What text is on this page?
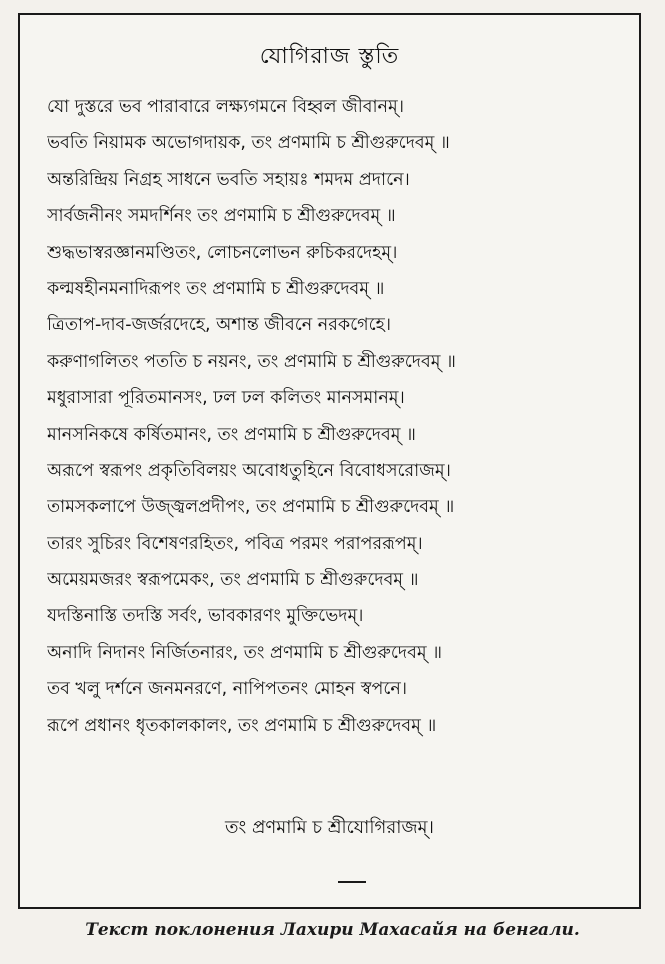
যোগিরাজ স্তুতি
যো দুস্তরে ভব পারাবারে লক্ষ্যগমনে বিহ্বল জীবানম্।
ভবতি নিয়ামক অভোগদায়ক, তং প্রণমামি চ শ্রীগুরুদেবম্ ॥
অন্তরিন্দ্রিয় নিগ্রহ সাধনে ভবতি সহায়ঃ শমদম প্রদানে।
সার্বজনীনং সমদর্শিনং তং প্রণমামি চ শ্রীগুরুদেবম্ ॥
শুদ্ধভাস্বরজ্ঞানমণ্ডিতং, লোচনলোভন রুচিকরদেহম্।
কল্মষহীনমনাদিরূপং তং প্রণমামি চ শ্রীগুরুদেবম্ ॥
ত্রিতাপ-দাব-জর্জরদেহে, অশান্ত জীবনে নরকগেহে।
করুণাগলিতং পততি চ নয়নং, তং প্রণমামি চ শ্রীগুরুদেবম্ ॥
মধুরাসারা পূরিতমানসং, ঢল ঢল কলিতং মানসমানম্।
মানসনিকষে কর্ষিতমানং, তং প্রণমামি চ শ্রীগুরুদেবম্ ॥
অরূপে স্বরূপং প্রকৃতিবিলয়ং অবোধতুহিনে বিবোধসরোজম্।
তামসকলাপে উজ্জ্বলপ্রদীপং, তং প্রণমামি চ শ্রীগুরুদেবম্ ॥
তারং সুচিরং বিশেষণরহিতং, পবিত্র পরমং পরাপররূপম্।
অমেয়মজরং স্বরূপমেকং, তং প্রণমামি চ শ্রীগুরুদেবম্ ॥
যদস্তিনাস্তি তদস্তি সর্বং, ভাবকারণং মুক্তিভেদম্।
অনাদি নিদানং নির্জিতনারং, তং প্রণমামি চ শ্রীগুরুদেবম্ ॥
তব খলু দর্শনে জনমনরণে, নাপিপতনং মোহন স্বপনে।
রূপে প্রধানং ধৃতকালকালং, তং প্রণমামি চ শ্রীগুরুদেবম্ ॥

তং প্রণমামি চ শ্রীযোগিরাজম্।

Текст поклонения Лахири Махасайя на бенгали.
